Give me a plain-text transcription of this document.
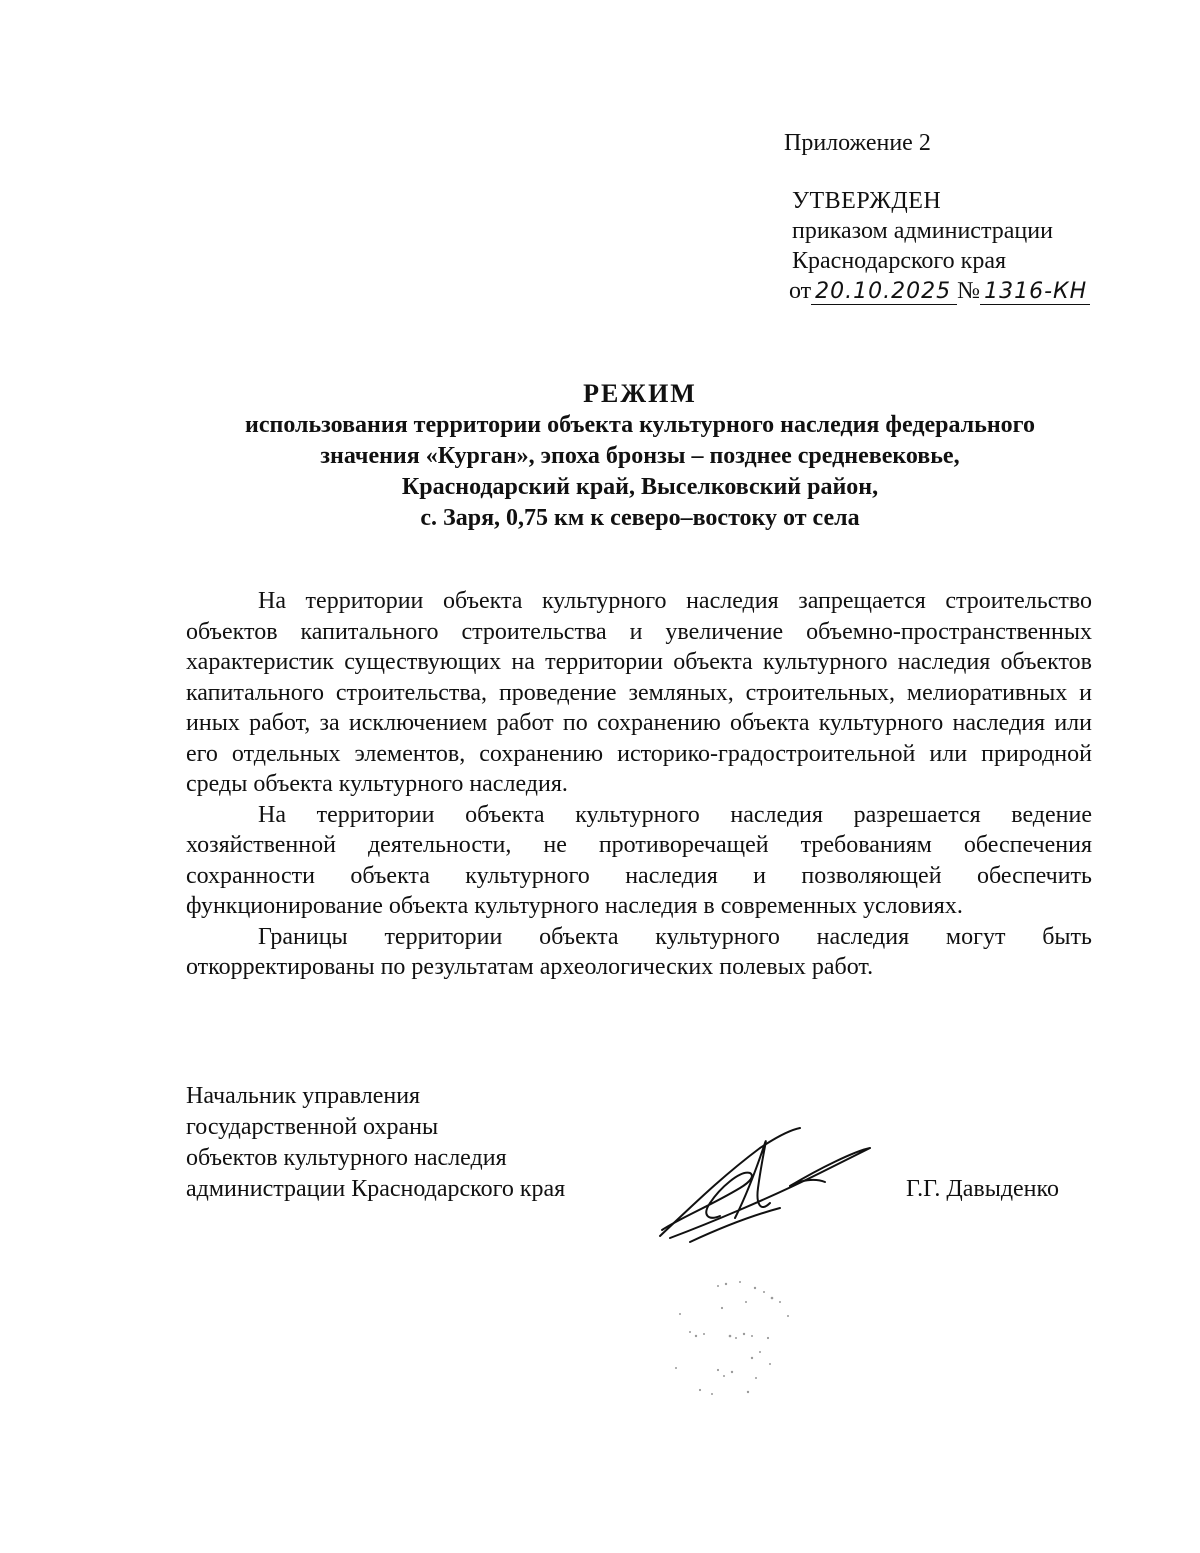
Приложение 2
УТВЕРЖДЕН
приказом администрации
Краснодарского края
от 20.10.2025 № 1316-КН
РЕЖИМ
использования территории объекта культурного наследия федерального
значения «Курган», эпоха бронзы – позднее средневековье,
Краснодарский край, Выселковский район,
с. Заря, 0,75 км к северо–востоку от села

На территории объекта культурного наследия запрещается строительство объектов капитального строительства и увеличение объемно-пространственных характеристик существующих на территории объекта культурного наследия объектов капитального строительства, проведение земляных, строительных, мелиоративных и иных работ, за исключением работ по сохранению объекта культурного наследия или его отдельных элементов, сохранению историко-градостроительной или природной среды объекта культурного наследия.

На территории объекта культурного наследия разрешается ведение хозяйственной деятельности, не противоречащей требованиям обеспечения сохранности объекта культурного наследия и позволяющей обеспечить функционирование объекта культурного наследия в современных условиях.

Границы территории объекта культурного наследия могут быть откорректированы по результатам археологических полевых работ.

Начальник управления
государственной охраны
объектов культурного наследия
администрации Краснодарского края	Г.Г. Давыденко
